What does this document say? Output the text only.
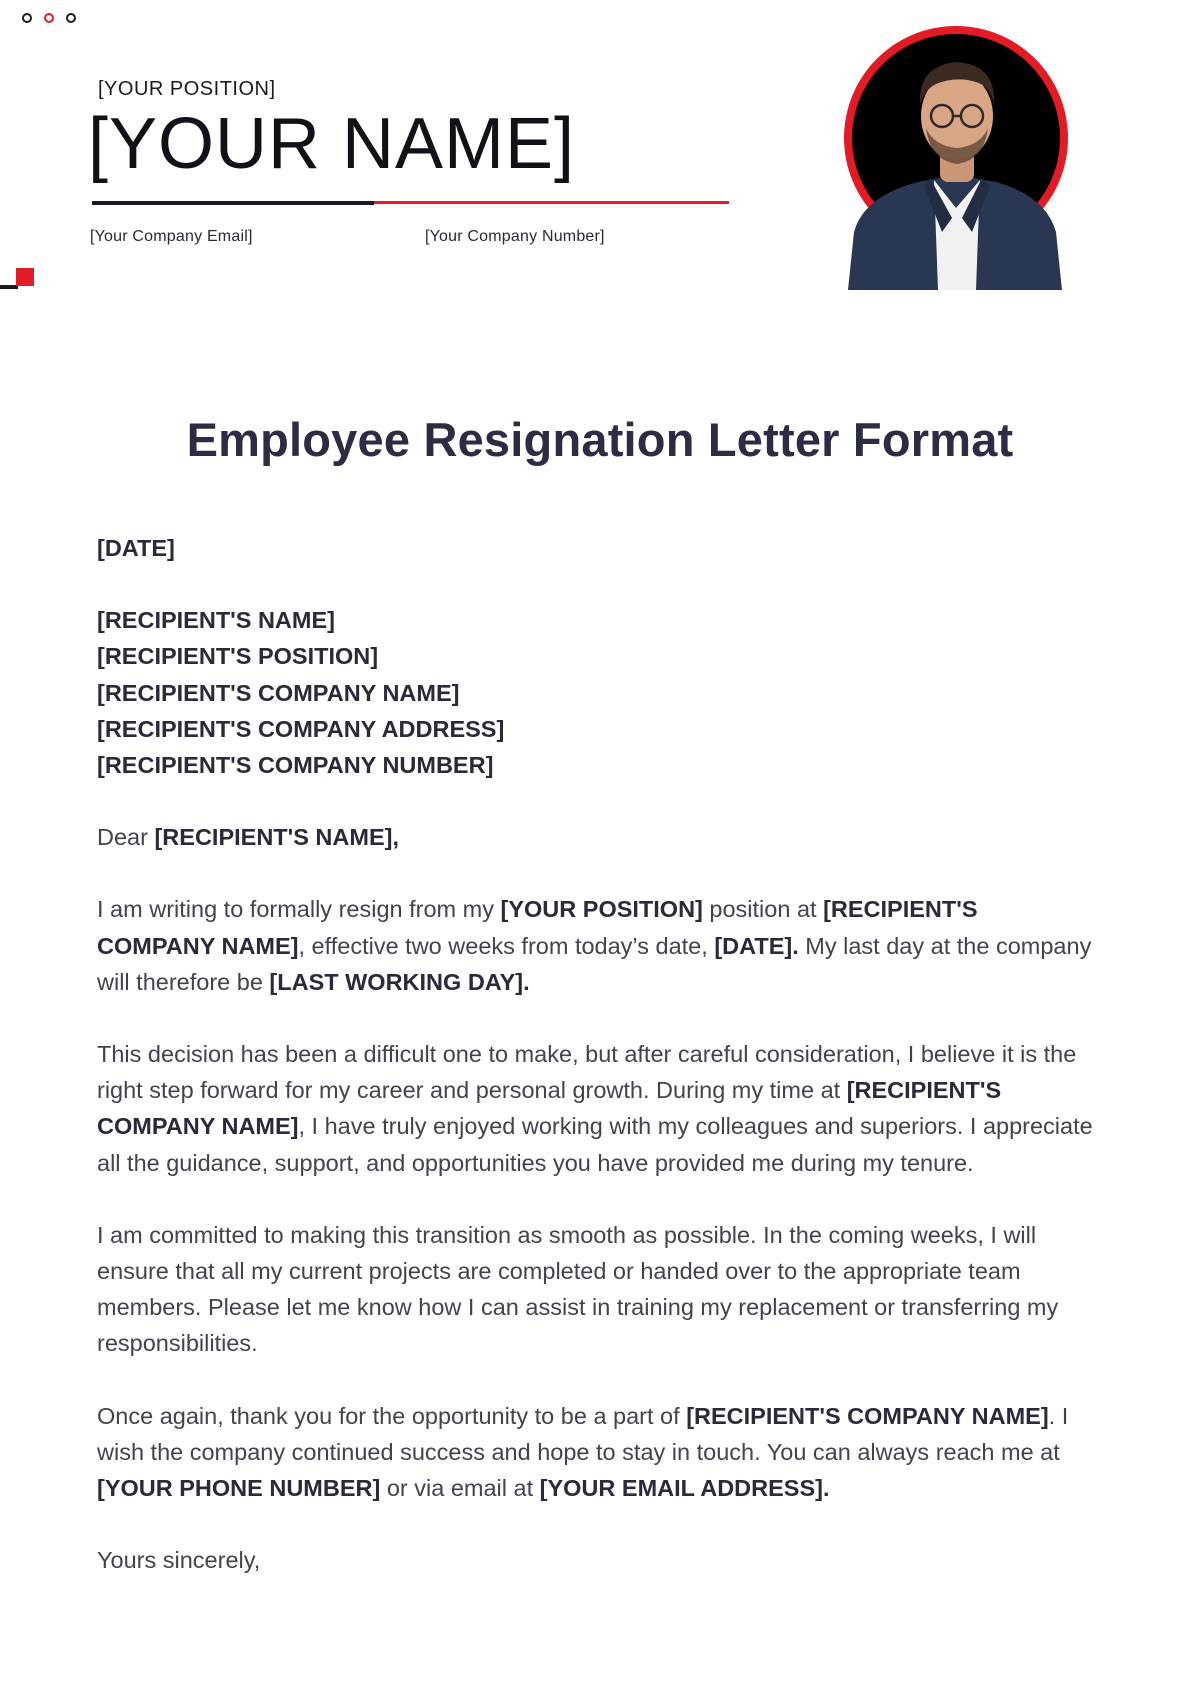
[YOUR POSITION]
[YOUR NAME]
[Your Company Email]	[Your Company Number]
Employee Resignation Letter Format

[DATE]

[RECIPIENT'S NAME]
[RECIPIENT'S POSITION]
[RECIPIENT'S COMPANY NAME]
[RECIPIENT'S COMPANY ADDRESS]
[RECIPIENT'S COMPANY NUMBER]

Dear [RECIPIENT'S NAME],

I am writing to formally resign from my [YOUR POSITION] position at [RECIPIENT'S COMPANY NAME], effective two weeks from today’s date, [DATE]. My last day at the company will therefore be [LAST WORKING DAY].

This decision has been a difficult one to make, but after careful consideration, I believe it is the right step forward for my career and personal growth. During my time at [RECIPIENT'S COMPANY NAME], I have truly enjoyed working with my colleagues and superiors. I appreciate all the guidance, support, and opportunities you have provided me during my tenure.

I am committed to making this transition as smooth as possible. In the coming weeks, I will ensure that all my current projects are completed or handed over to the appropriate team members. Please let me know how I can assist in training my replacement or transferring my responsibilities.

Once again, thank you for the opportunity to be a part of [RECIPIENT'S COMPANY NAME]. I wish the company continued success and hope to stay in touch. You can always reach me at [YOUR PHONE NUMBER] or via email at [YOUR EMAIL ADDRESS].

Yours sincerely,
